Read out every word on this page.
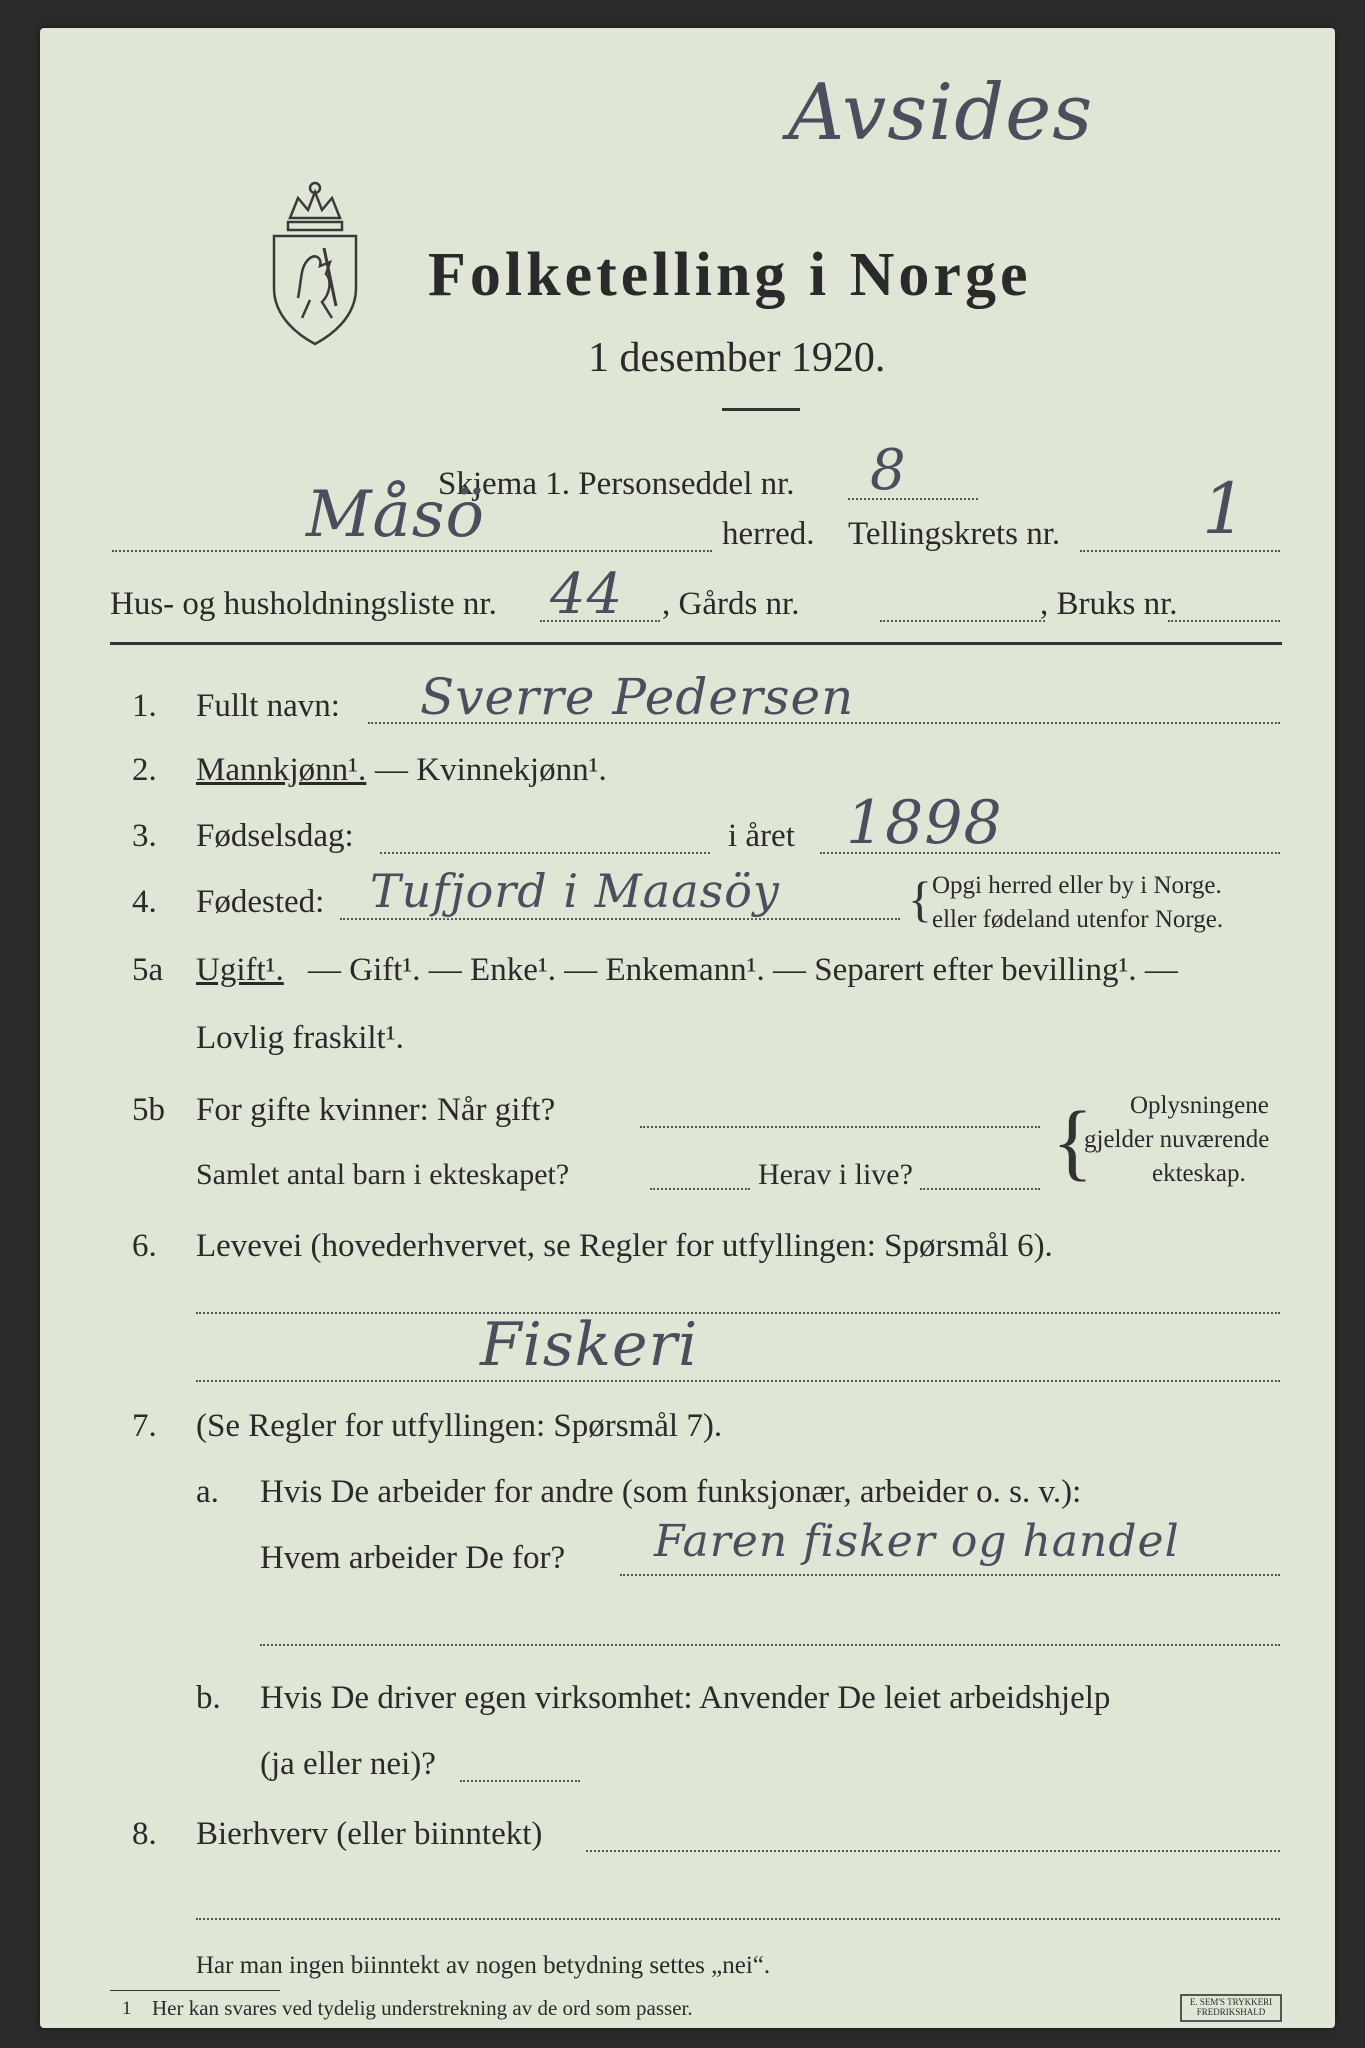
Avsides
Folketelling i Norge
1 desember 1920.
Skjema 1. Personseddel nr. 8
Måsö	herred. Tellingskrets nr. 1
Hus- og husholdningsliste nr. 44 , Gårds nr.	, Bruks nr.
1. Fullt navn: Sverre Pedersen
2. Mannkjønn¹. — Kvinnekjønn¹.
3. Fødselsdag:	i året 1898
4. Fødested: Tufjord i Maasöy	{ Opgi herred eller by i Norge.
eller fødeland utenfor Norge.
5a Ugift¹. — Gift¹. — Enke¹. — Enkemann¹. — Separert efter bevilling¹. —
Lovlig fraskilt¹.
5b For gifte kvinner: Når gift?
Samlet antal barn i ekteskapet?	Herav i live? { Oplysningene
gjelder nuværende
ekteskap.
6. Levevei (hovederhvervet, se Regler for utfyllingen: Spørsmål 6).
Fiskeri
7. (Se Regler for utfyllingen: Spørsmål 7).
a. Hvis De arbeider for andre (som funksjonær, arbeider o. s. v.):
Hvem arbeider De for? Faren fisker og handel
b. Hvis De driver egen virksomhet: Anvender De leiet arbeidshjelp
(ja eller nei)?
8. Bierhverv (eller biinntekt)
Har man ingen biinntekt av nogen betydning settes „nei“.
1 Her kan svares ved tydelig understrekning av de ord som passer.	E. SEM'S TRYKKERI FREDRIKSHALD
